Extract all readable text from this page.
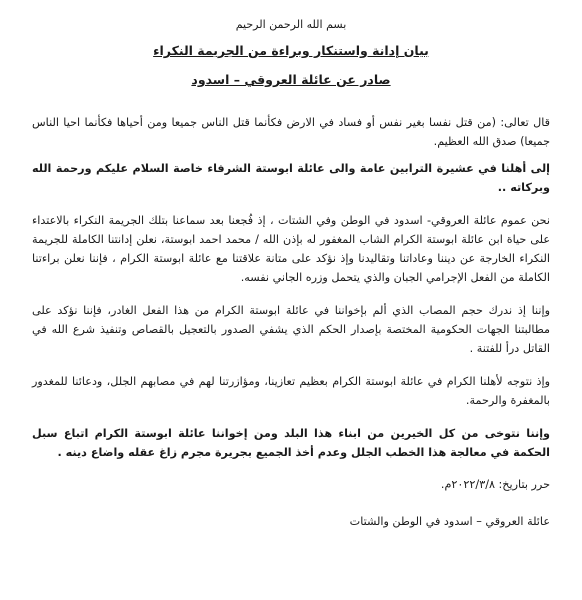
بسم الله الرحمن الرحيم

بيان إدانة واستنكار وبراءة من الجريمة النكراء

صادر عن عائلة العروقي – اسدود

قال تعالى: (من قتل نفسا بغير نفس أو فساد في الارض فكأنما قتل الناس جميعا ومن أحياها فكأنما احيا الناس جميعا) صدق الله العظيم.

إلى أهلنا في عشيرة الترابين عامة والى عائلة ابوستة الشرفاء خاصة السلام عليكم ورحمة الله وبركاته ..

نحن عموم عائلة العروقي- اسدود في الوطن وفي الشتات ، إذ فُجعنا بعد سماعنا بتلك الجريمة النكراء بالاعتداء على حياة ابن عائلة ابوستة الكرام الشاب المغفور له بإذن الله / محمد احمد ابوستة، نعلن إدانتنا الكاملة للجريمة النكراء الخارجة عن ديننا وعاداتنا وتقاليدنا وإذ نؤكد على متانة علاقتنا مع عائلة ابوستة الكرام ، فإننا نعلن براءتنا الكاملة من الفعل الإجرامي الجبان والذي يتحمل وزره الجاني نفسه.

وإننا إذ ندرك حجم المصاب الذي ألم بإخواننا في عائلة ابوستة الكرام من هذا الفعل الغادر، فإننا نؤكد على مطالبتنا الجهات الحكومية المختصة بإصدار الحكم الذي يشفي الصدور بالتعجيل بالقصاص وتنفيذ شرع الله في القاتل درأ للفتنة .

وإذ نتوجه لأهلنا الكرام في عائلة ابوستة الكرام بعظيم تعازينا، ومؤازرتنا لهم في مصابهم الجلل، ودعائنا للمغدور بالمغفرة والرحمة.

وإننا نتوخى من كل الخيرين من ابناء هذا البلد ومن إخواننا عائلة ابوستة الكرام اتباع سبل الحكمة في معالجة هذا الخطب الجلل وعدم أخذ الجميع بجريرة مجرم زاغ عقله واضاع دينه .

حرر بتاريخ: ٢٠٢٢/٣/٨م.

عائلة العروقي – اسدود في الوطن والشتات
